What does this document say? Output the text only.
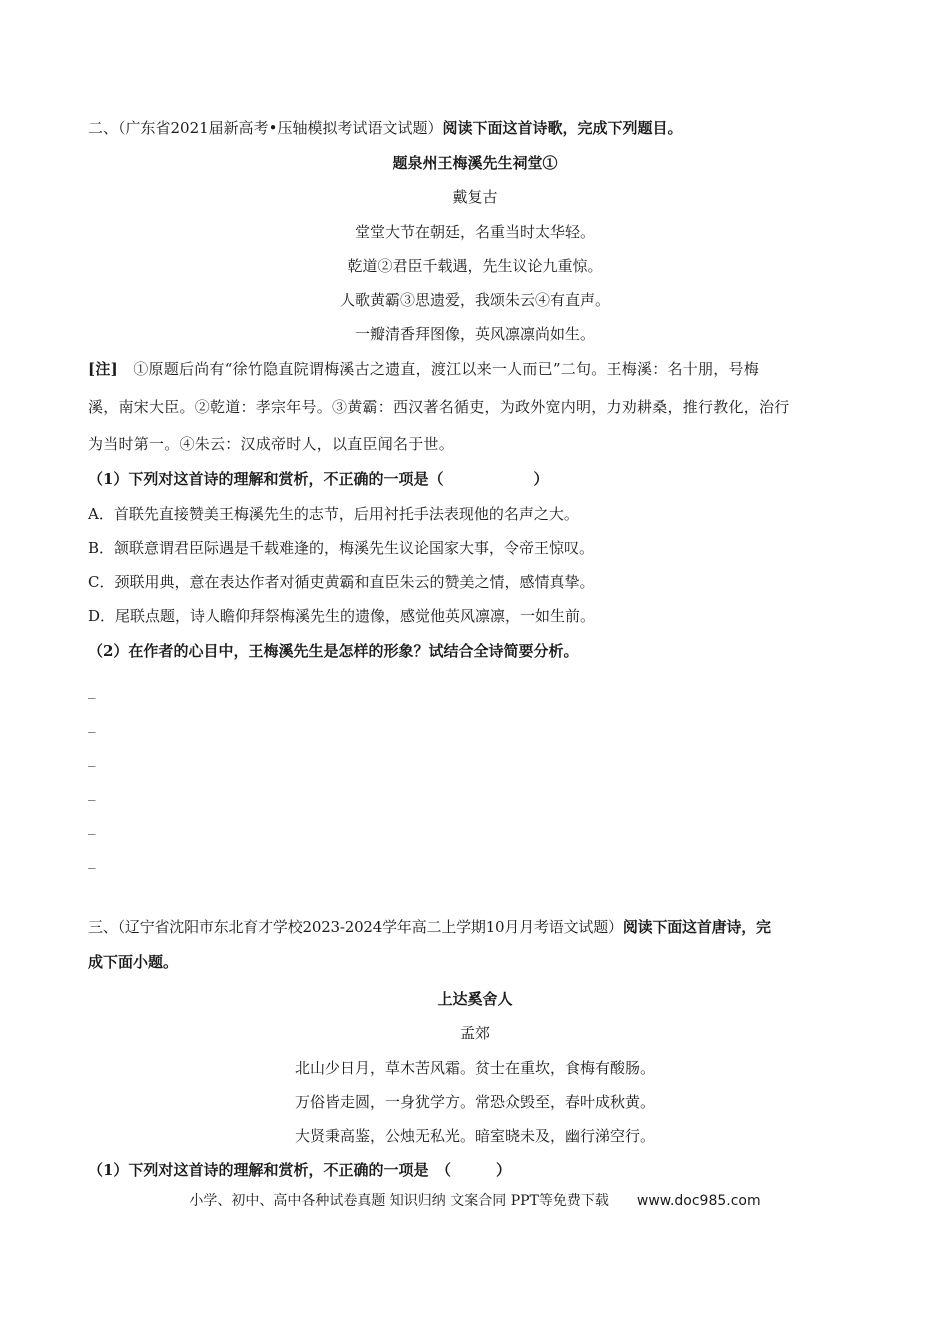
二、（广东省2021届新高考•压轴模拟考试语文试题）阅读下面这首诗歌，完成下列题目。
题泉州王梅溪先生祠堂①
戴复古
堂堂大节在朝廷，名重当时太华轻。
乾道②君臣千载遇，先生议论九重惊。
人歌黄霸③思遗爱，我颂朱云④有直声。
一瓣清香拜图像，英风凛凛尚如生。
[注]　 ①原题后尚有“徐竹隐直院谓梅溪古之遗直，渡江以来一人而已”二句。王梅溪：名十朋，号梅
溪，南宋大臣。②乾道：孝宗年号。③黄霸：西汉著名循吏，为政外宽内明，力劝耕桑，推行教化，治行
为当时第一。④朱云：汉成帝时人，以直臣闻名于世。
（1）下列对这首诗的理解和赏析，不正确的一项是（　　　　　　）
A．首联先直接赞美王梅溪先生的志节，后用衬托手法表现他的名声之大。
B．颔联意谓君臣际遇是千载难逢的，梅溪先生议论国家大事，令帝王惊叹。
C．颈联用典，意在表达作者对循吏黄霸和直臣朱云的赞美之情，感情真挚。
D．尾联点题，诗人瞻仰拜祭梅溪先生的遗像，感觉他英风凛凛，一如生前。
（2）在作者的心目中，王梅溪先生是怎样的形象？试结合全诗简要分析。
_
_
_
_
_
_
三、（辽宁省沈阳市东北育才学校2023-2024学年高二上学期10月月考语文试题）阅读下面这首唐诗，完
成下面小题。
上达奚舍人
孟郊
北山少日月，草木苦风霜。贫士在重坎，食梅有酸肠。
万俗皆走圆，一身犹学方。常恐众毁至，春叶成秋黄。
大贤秉高鉴，公烛无私光。暗室晓未及，幽行涕空行。
（1）下列对这首诗的理解和赏析，不正确的一项是　（　　　）
小学、初中、高中各种试卷真题 知识归纳 文案合同 PPT等免费下载 www.doc985.com
